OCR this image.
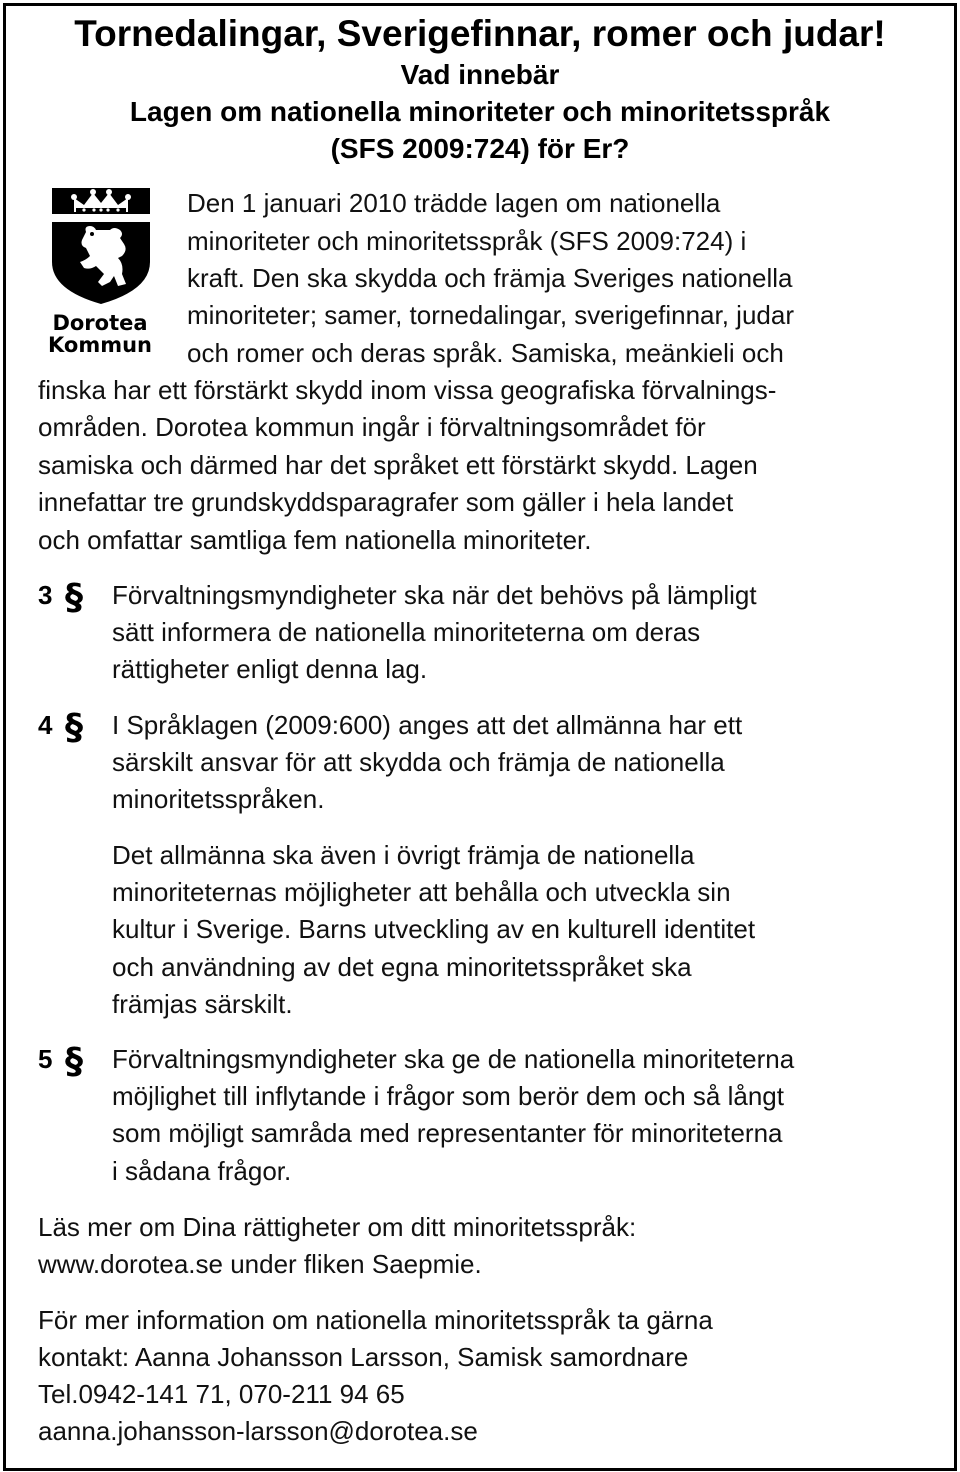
Tornedalingar, Sverigefinnar, romer och judar!

Vad innebär

Lagen om nationella minoriteter och minoritetsspråk

(SFS 2009:724) för Er?

Dorotea
Kommun

Den 1 januari 2010 trädde lagen om nationella

minoriteter och minoritetsspråk (SFS 2009:724) i

kraft. Den ska skydda och främja Sveriges nationella

minoriteter; samer, tornedalingar, sverigefinnar, judar

och romer och deras språk. Samiska, meänkieli och

finska har ett förstärkt skydd inom vissa geografiska förvalnings-

områden. Dorotea kommun ingår i förvaltningsområdet för

samiska och därmed har det språket ett förstärkt skydd. Lagen

innefattar tre grundskyddsparagrafer som gäller i hela landet

och omfattar samtliga fem nationella minoriteter.

3 § Förvaltningsmyndigheter ska när det behövs på lämpligt

sätt informera de nationella minoriteterna om deras

rättigheter enligt denna lag.

4 § I Språklagen (2009:600) anges att det allmänna har ett

särskilt ansvar för att skydda och främja de nationella

minoritetsspråken.

Det allmänna ska även i övrigt främja de nationella

minoriteternas möjligheter att behålla och utveckla sin

kultur i Sverige. Barns utveckling av en kulturell identitet

och användning av det egna minoritetsspråket ska

främjas särskilt.

5 § Förvaltningsmyndigheter ska ge de nationella minoriteterna

möjlighet till inflytande i frågor som berör dem och så långt

som möjligt samråda med representanter för minoriteterna

i sådana frågor.

Läs mer om Dina rättigheter om ditt minoritetsspråk:

www.dorotea.se under fliken Saepmie.

För mer information om nationella minoritetsspråk ta gärna

kontakt: Aanna Johansson Larsson, Samisk samordnare

Tel.0942-141 71, 070-211 94 65

aanna.johansson-larsson@dorotea.se
